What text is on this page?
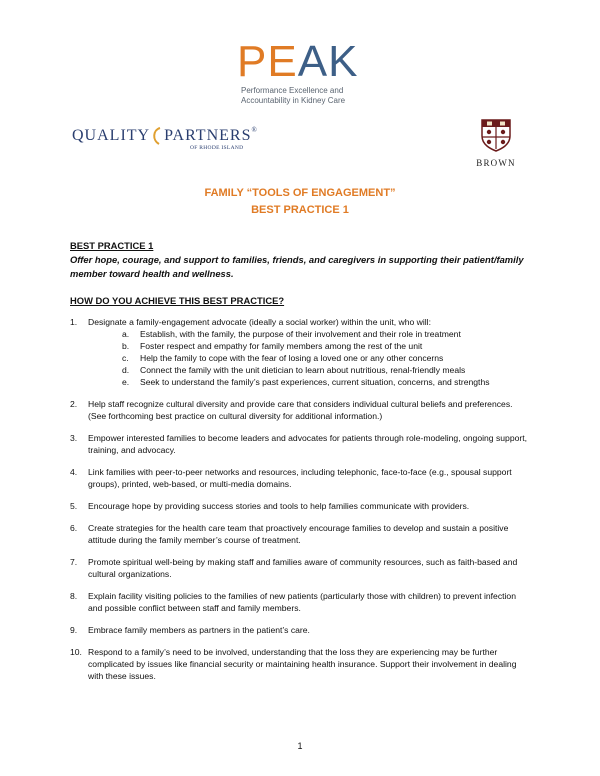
P E A K
Performance Excellence and
Accountability in Kidney Care
QUALITY PARTNERS ®
OF RHODE ISLAND
BROWN
FAMILY “TOOLS OF ENGAGEMENT”
BEST PRACTICE 1
BEST PRACTICE 1
Offer hope, courage, and support to families, friends, and caregivers in supporting their patient/family member toward health and wellness.
HOW DO YOU ACHIEVE THIS BEST PRACTICE?
1. Designate a family-engagement advocate (ideally a social worker) within the unit, who will:
a. Establish, with the family, the purpose of their involvement and their role in treatment
b. Foster respect and empathy for family members among the rest of the unit
c. Help the family to cope with the fear of losing a loved one or any other concerns
d. Connect the family with the unit dietician to learn about nutritious, renal-friendly meals
e. Seek to understand the family’s past experiences, current situation, concerns, and strengths
2. Help staff recognize cultural diversity and provide care that considers individual cultural beliefs and preferences. (See forthcoming best practice on cultural diversity for additional information.)
3. Empower interested families to become leaders and advocates for patients through role-modeling, ongoing support, training, and advocacy.
4. Link families with peer-to-peer networks and resources, including telephonic, face-to-face (e.g., spousal support groups), printed, web-based, or multi-media domains.
5. Encourage hope by providing success stories and tools to help families communicate with providers.
6. Create strategies for the health care team that proactively encourage families to develop and sustain a positive attitude during the family member’s course of treatment.
7. Promote spiritual well-being by making staff and families aware of community resources, such as faith-based and cultural organizations.
8. Explain facility visiting policies to the families of new patients (particularly those with children) to prevent infection and possible conflict between staff and family members.
9. Embrace family members as partners in the patient’s care.
10. Respond to a family’s need to be involved, understanding that the loss they are experiencing may be further complicated by issues like financial security or maintaining health insurance. Support their involvement in dealing with these issues.
1
